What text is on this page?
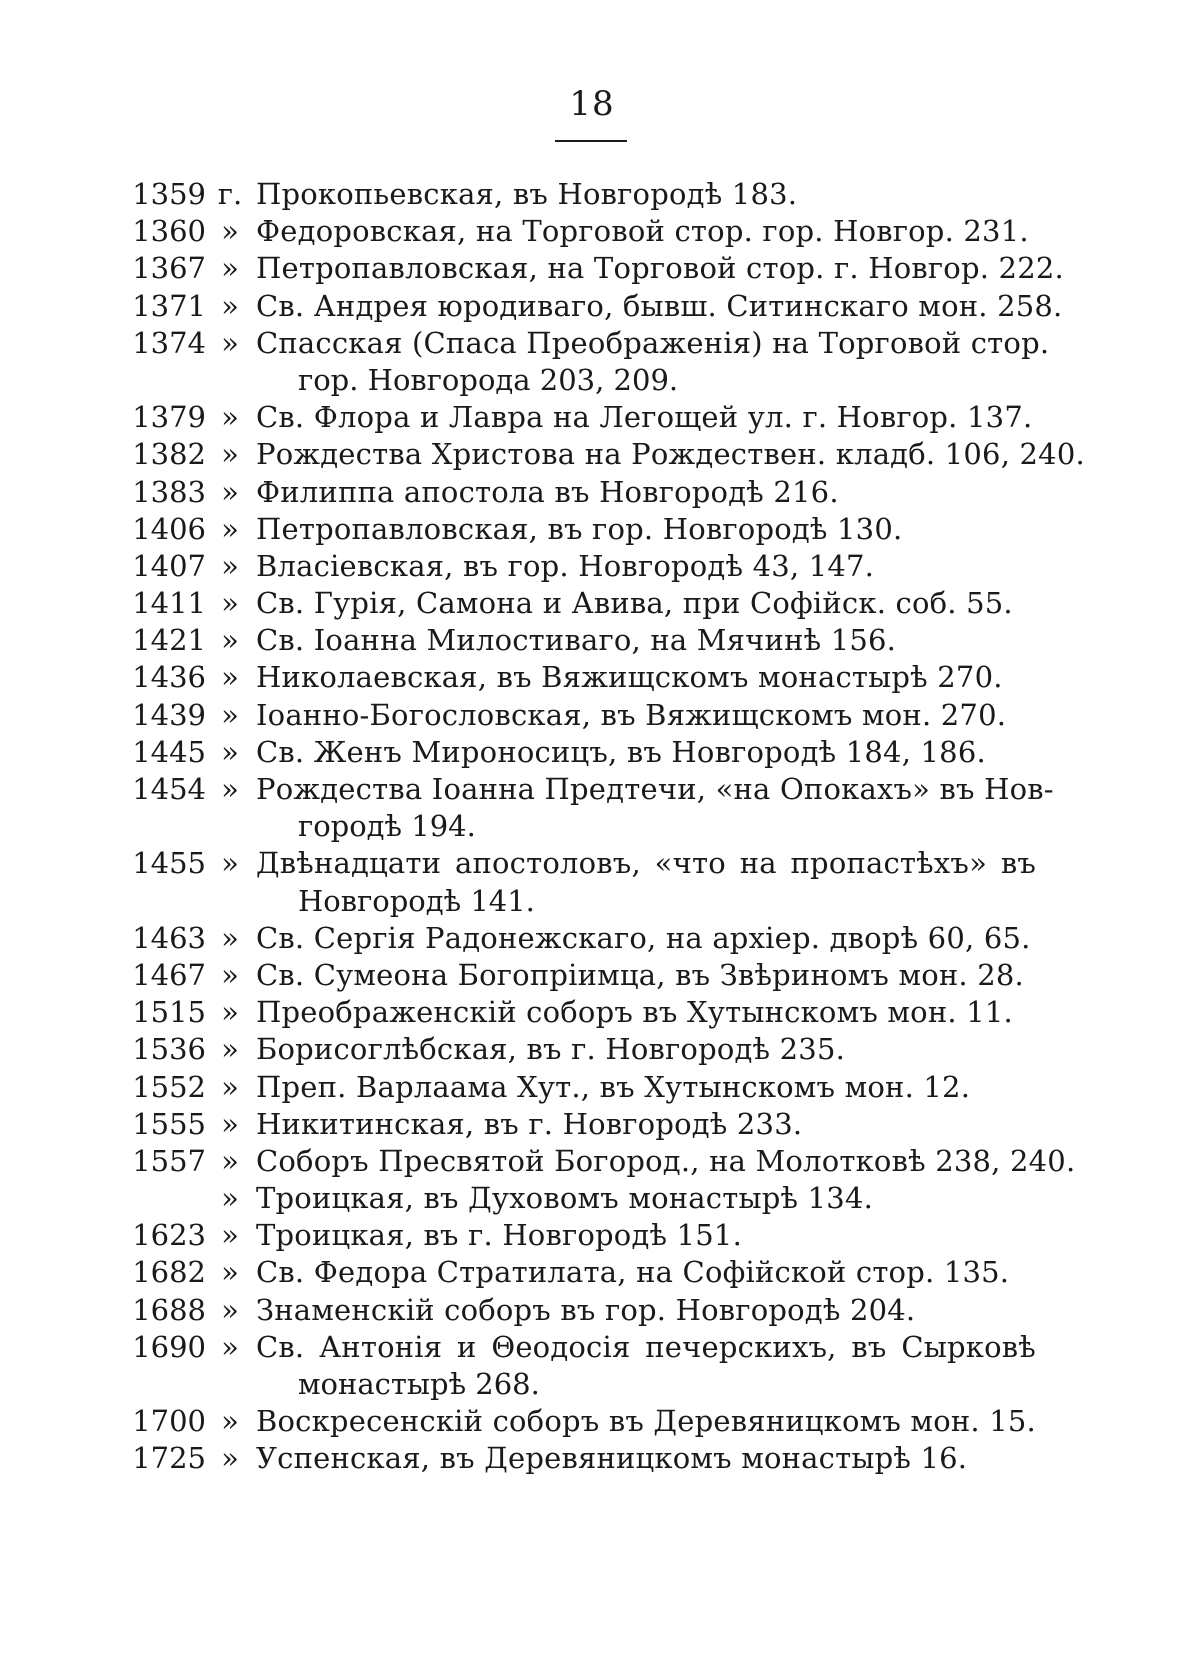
18
1359 г. Прокопьевская, въ Новгородѣ 183.
1360 » Федоровская, на Торговой стор. гор. Новгор. 231.
1367 » Петропавловская, на Торговой стор. г. Новгор. 222.
1371 » Св. Андрея юродиваго, бывш. Ситинскаго мон. 258.
1374 » Спасская (Спаса Преображенія) на Торговой стор.
гор. Новгорода 203, 209.
1379 » Св. Флора и Лавра на Легощей ул. г. Новгор. 137.
1382 » Рождества Христова на Рождествен. кладб. 106, 240.
1383 » Филиппа апостола въ Новгородѣ 216.
1406 » Петропавловская, въ гор. Новгородѣ 130.
1407 » Власіевская, въ гор. Новгородѣ 43, 147.
1411 » Св. Гурія, Самона и Авива, при Софійск. соб. 55.
1421 » Св. Іоанна Милостиваго, на Мячинѣ 156.
1436 » Николаевская, въ Вяжищскомъ монастырѣ 270.
1439 » Іоанно-Богословская, въ Вяжищскомъ мон. 270.
1445 » Св. Женъ Мироносицъ, въ Новгородѣ 184, 186.
1454 » Рождества Іоанна Предтечи, «на Опокахъ» въ Нов-
городѣ 194.
1455 » Двѣнадцати апостоловъ, «что на пропастѣхъ» въ
Новгородѣ 141.
1463 » Св. Сергія Радонежскаго, на архіер. дворѣ 60, 65.
1467 » Св. Сумеона Богопріимца, въ Звѣриномъ мон. 28.
1515 » Преображенскій соборъ въ Хутынскомъ мон. 11.
1536 » Борисоглѣбская, въ г. Новгородѣ 235.
1552 » Преп. Варлаама Хут., въ Хутынскомъ мон. 12.
1555 » Никитинская, въ г. Новгородѣ 233.
1557 » Соборъ Пресвятой Богород., на Молотковѣ 238, 240.
» Троицкая, въ Духовомъ монастырѣ 134.
1623 » Троицкая, въ г. Новгородѣ 151.
1682 » Св. Федора Стратилата, на Софійской стор. 135.
1688 » Знаменскій соборъ въ гор. Новгородѣ 204.
1690 » Св. Антонія и Θеодосія печерскихъ, въ Сырковѣ
монастырѣ 268.
1700 » Воскресенскій соборъ въ Деревяницкомъ мон. 15.
1725 » Успенская, въ Деревяницкомъ монастырѣ 16.
